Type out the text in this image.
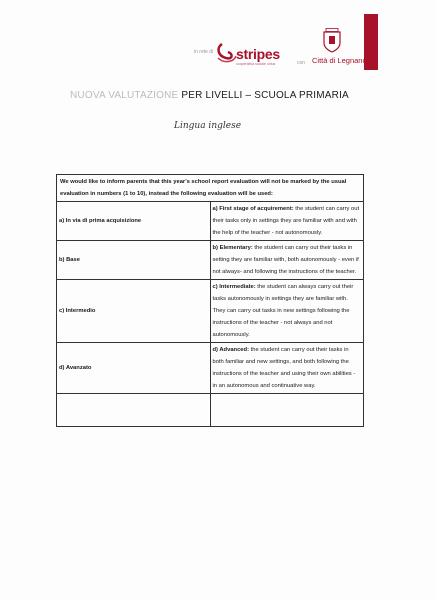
in rete di stripes
cooperativa sociale onlus	con Città di Legnano
NUOVA VALUTAZIONE PER LIVELLI – SCUOLA PRIMARIA
Lingua inglese
We would like to inform parents that this year's school report evaluation will not be marked by the usual evaluation in numbers (1 to 10), instead the following evaluation will be used:	
a) In via di prima acquisizione	a) First stage of acquirement: the student can carry out their tasks only in settings they are familiar with and with the help of the teacher - not autonomously.
b) Base	b) Elementary: the student can carry out their tasks in setting they are familiar with, both autonomously - even if not always- and following the instructions of the teacher.
c) Intermedio	c) Intermediate: the student can always carry out their tasks autonomously in settings they are familiar with. They can carry out tasks in new settings following the instructions of the teacher - not always and not autonomously.
d) Avanzato	d) Advanced: the student can carry out their tasks in both familiar and new settings, and both following the instructions of the teacher and using their own abilities - in an autonomous and continuative way.
